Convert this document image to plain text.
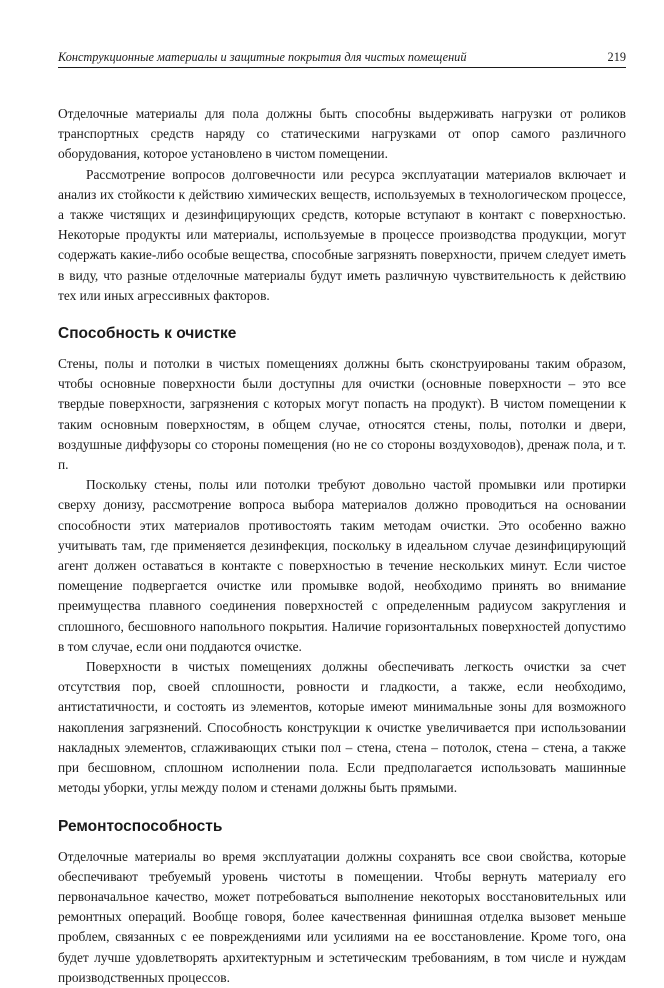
Конструкционные материалы и защитные покрытия для чистых помещений	219

Отделочные материалы для пола должны быть способны выдерживать нагрузки от роликов транспортных средств наряду со статическими нагрузками от опор самого различного оборудования, которое установлено в чистом помещении.

Рассмотрение вопросов долговечности или ресурса эксплуатации материалов включает и анализ их стойкости к действию химических веществ, используемых в технологическом процессе, а также чистящих и дезинфицирующих средств, которые вступают в контакт с поверхностью. Некоторые продукты или материалы, используемые в процессе производства продукции, могут содержать какие-либо особые вещества, способные загрязнять поверхности, причем следует иметь в виду, что разные отделочные материалы будут иметь различную чувствительность к действию тех или иных агрессивных факторов.

Способность к очистке

Стены, полы и потолки в чистых помещениях должны быть сконструированы таким образом, чтобы основные поверхности были доступны для очистки (основные поверхности – это все твердые поверхности, загрязнения с которых могут попасть на продукт). В чистом помещении к таким основным поверхностям, в общем случае, относятся стены, полы, потолки и двери, воздушные диффузоры со стороны помещения (но не со стороны воздуховодов), дренаж пола, и т. п.

Поскольку стены, полы или потолки требуют довольно частой промывки или протирки сверху донизу, рассмотрение вопроса выбора материалов должно проводиться на основании способности этих материалов противостоять таким методам очистки. Это особенно важно учитывать там, где применяется дезинфекция, поскольку в идеальном случае дезинфицирующий агент должен оставаться в контакте с поверхностью в течение нескольких минут. Если чистое помещение подвергается очистке или промывке водой, необходимо принять во внимание преимущества плавного соединения поверхностей с определенным радиусом закругления и сплошного, бесшовного напольного покрытия. Наличие горизонтальных поверхностей допустимо в том случае, если они поддаются очистке.

Поверхности в чистых помещениях должны обеспечивать легкость очистки за счет отсутствия пор, своей сплошности, ровности и гладкости, а также, если необходимо, антистатичности, и состоять из элементов, которые имеют минимальные зоны для возможного накопления загрязнений. Способность конструкции к очистке увеличивается при использовании накладных элементов, сглаживающих стыки пол – стена, стена – потолок, стена – стена, а также при бесшовном, сплошном исполнении пола. Если предполагается использовать машинные методы уборки, углы между полом и стенами должны быть прямыми.

Ремонтоспособность

Отделочные материалы во время эксплуатации должны сохранять все свои свойства, которые обеспечивают требуемый уровень чистоты в помещении. Чтобы вернуть материалу его первоначальное качество, может потребоваться выполнение некоторых восстановительных или ремонтных операций. Вообще говоря, более качественная финишная отделка вызовет меньше проблем, связанных с ее повреждениями или усилиями на ее восстановление. Кроме того, она будет лучше удовлетворять архитектурным и эстетическим требованиям, в том числе и нуждам производственных процессов.
